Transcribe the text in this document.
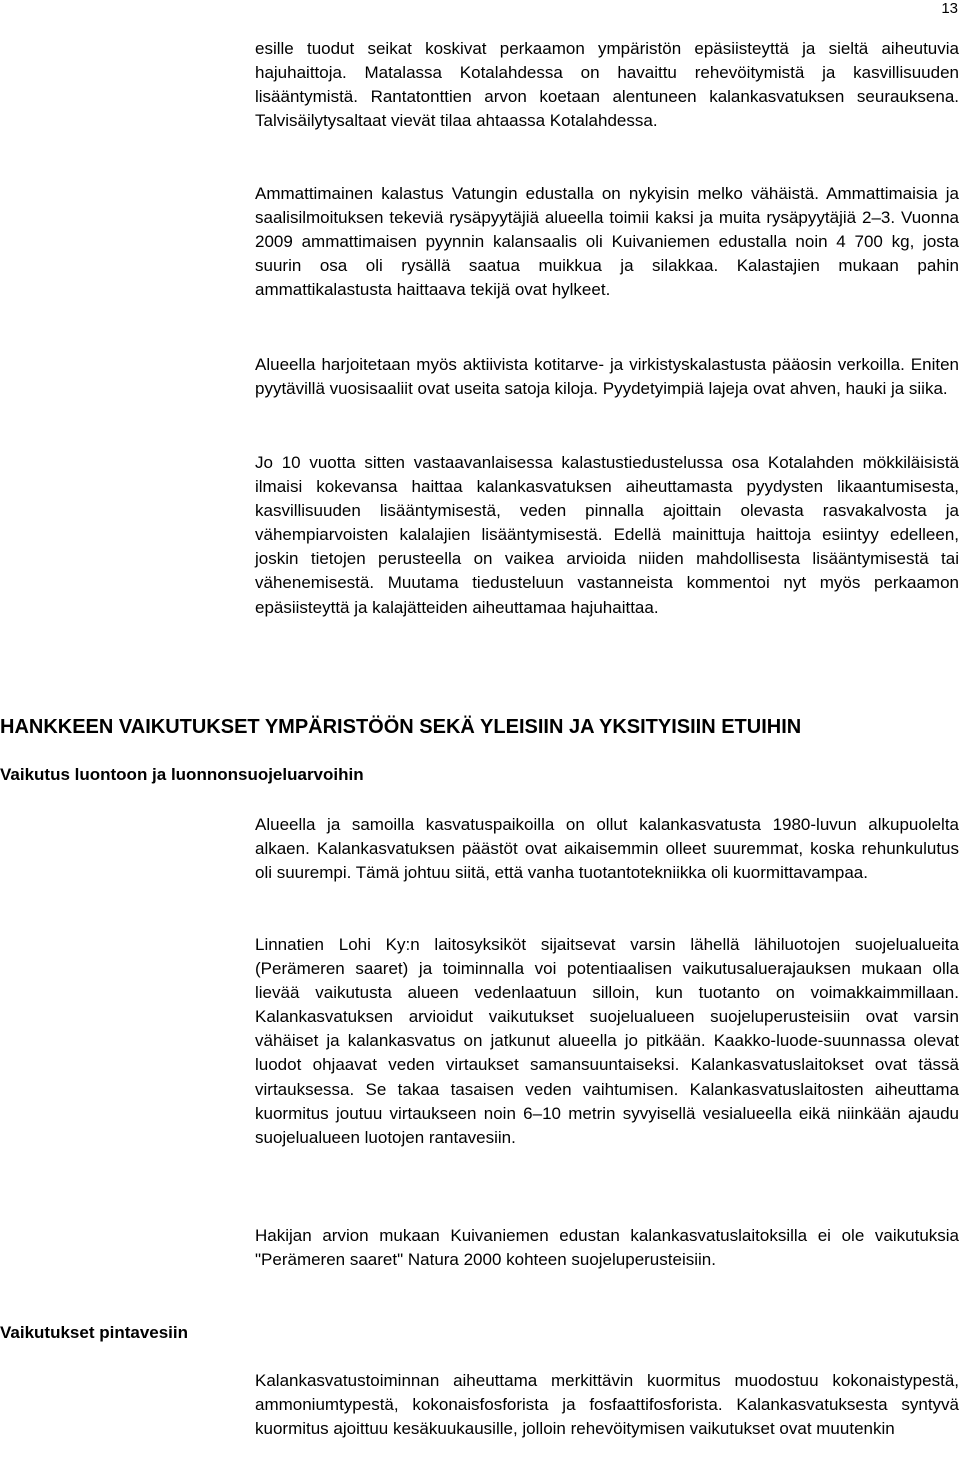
13

esille tuodut seikat koskivat perkaamon ympäristön epäsiisteyttä ja sieltä aiheutuvia hajuhaittoja. Matalassa Kotalahdessa on havaittu rehevöitymistä ja kasvillisuuden lisääntymistä. Rantatonttien arvon koetaan alentuneen kalankasvatuksen seurauksena. Talvisäilytysaltaat vievät tilaa ahtaassa Kotalahdessa.

Ammattimainen kalastus Vatungin edustalla on nykyisin melko vähäistä. Ammattimaisia ja saalisilmoituksen tekeviä rysäpyytäjiä alueella toimii kaksi ja muita rysäpyytäjiä 2–3. Vuonna 2009 ammattimaisen pyynnin kalansaalis oli Kuivaniemen edustalla noin 4 700 kg, josta suurin osa oli rysällä saatua muikkua ja silakkaa. Kalastajien mukaan pahin ammattikalastusta haittaava tekijä ovat hylkeet.

Alueella harjoitetaan myös aktiivista kotitarve- ja virkistyskalastusta pääosin verkoilla. Eniten pyytävillä vuosisaaliit ovat useita satoja kiloja. Pyydetyimpiä lajeja ovat ahven, hauki ja siika.

Jo 10 vuotta sitten vastaavanlaisessa kalastustiedustelussa osa Kotalahden mökkiläisistä ilmaisi kokevansa haittaa kalankasvatuksen aiheuttamasta pyydysten likaantumisesta, kasvillisuuden lisääntymisestä, veden pinnalla ajoittain olevasta rasvakalvosta ja vähempiarvoisten kalalajien lisääntymisestä. Edellä mainittuja haittoja esiintyy edelleen, joskin tietojen perusteella on vaikea arvioida niiden mahdollisesta lisääntymisestä tai vähenemisestä. Muutama tiedusteluun vastanneista kommentoi nyt myös perkaamon epäsiisteyttä ja kalajätteiden aiheuttamaa hajuhaittaa.

HANKKEEN VAIKUTUKSET YMPÄRISTÖÖN SEKÄ YLEISIIN JA YKSITYISIIN ETUIHIN
Vaikutus luontoon ja luonnonsuojeluarvoihin

Alueella ja samoilla kasvatuspaikoilla on ollut kalankasvatusta 1980-luvun alkupuolelta alkaen. Kalankasvatuksen päästöt ovat aikaisemmin olleet suuremmat, koska rehunkulutus oli suurempi. Tämä johtuu siitä, että vanha tuotantotekniikka oli kuormittavampaa.

Linnatien Lohi Ky:n laitosyksiköt sijaitsevat varsin lähellä lähiluotojen suojelualueita (Perämeren saaret) ja toiminnalla voi potentiaalisen vaikutusaluerajauksen mukaan olla lievää vaikutusta alueen vedenlaatuun silloin, kun tuotanto on voimakkaimmillaan. Kalankasvatuksen arvioidut vaikutukset suojelualueen suojeluperusteisiin ovat varsin vähäiset ja kalankasvatus on jatkunut alueella jo pitkään. Kaakko-luode-suunnassa olevat luodot ohjaavat veden virtaukset samansuuntaiseksi. Kalankasvatuslaitokset ovat tässä virtauksessa. Se takaa tasaisen veden vaihtumisen. Kalankasvatuslaitosten aiheuttama kuormitus joutuu virtaukseen noin 6–10 metrin syvyisellä vesialueella eikä niinkään ajaudu suojelualueen luotojen rantavesiin.

Hakijan arvion mukaan Kuivaniemen edustan kalankasvatuslaitoksilla ei ole vaikutuksia "Perämeren saaret" Natura 2000 kohteen suojeluperusteisiin.

Vaikutukset pintavesiin

Kalankasvatustoiminnan aiheuttama merkittävin kuormitus muodostuu kokonaistypestä, ammoniumtypestä, kokonaisfosforista ja fosfaattifosforista. Kalankasvatuksesta syntyvä kuormitus ajoittuu kesäkuukausille, jolloin rehevöitymisen vaikutukset ovat muutenkin
